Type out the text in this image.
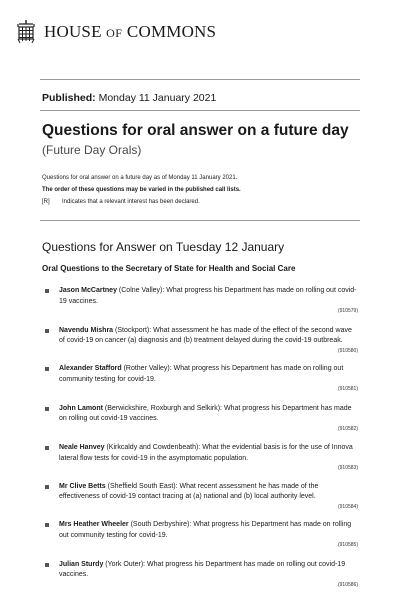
HOUSE OF COMMONS
Published: Monday 11 January 2021
Questions for oral answer on a future day
(Future Day Orals)
Questions for oral answer on a future day as of Monday 11 January 2021.
The order of these questions may be varied in the published call lists.
[R] Indicates that a relevant interest has been declared.
Questions for Answer on Tuesday 12 January
Oral Questions to the Secretary of State for Health and Social Care
Jason McCartney (Colne Valley): What progress his Department has made on rolling out covid-19 vaccines.
(910579)
Navendu Mishra (Stockport): What assessment he has made of the effect of the second wave of covid-19 on cancer (a) diagnosis and (b) treatment delayed during the covid-19 outbreak.
(910580)
Alexander Stafford (Rother Valley): What progress his Department has made on rolling out community testing for covid-19.
(910581)
John Lamont (Berwickshire, Roxburgh and Selkirk): What progress his Department has made on rolling out covid-19 vaccines.
(910582)
Neale Hanvey (Kirkcaldy and Cowdenbeath): What the evidential basis is for the use of Innova lateral flow tests for covid-19 in the asymptomatic population.
(910583)
Mr Clive Betts (Sheffield South East): What recent assessment he has made of the effectiveness of covid-19 contact tracing at (a) national and (b) local authority level.
(910584)
Mrs Heather Wheeler (South Derbyshire): What progress his Department has made on rolling out community testing for covid-19.
(910585)
Julian Sturdy (York Outer): What progress his Department has made on rolling out covid-19 vaccines.
(910586)
